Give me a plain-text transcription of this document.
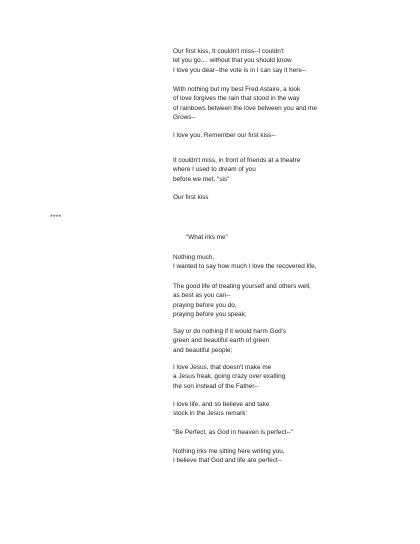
Our first kiss, It couldn't miss--I couldn't
let you go.... without that you should know
I love you dear--the vote is in I can say it here--
With nothing but my best Fred Astaire, a look
of love forgives the rain that stood in the way
of rainbows between the love between you and me
Grows--
I love you, Remember our first kiss--
It couldn't miss, in front of friends at a theatre
where I used to dream of you
before we met, "sis"
Our first kiss
****
"What irks me"
Nothing much,
I wanted to say how much I love the recovered life,
The good life of treating yourself and others well,
as best as you can--
praying before you do,
praying before you speak;
Say or do nothing if it would harm God's
green and beautiful earth of green
and beautiful people;
I love Jesus, that doesn't make me
a Jesus freak, going crazy over exalting
the son instead of the Father--
I love life, and so believe and take
stock in the Jesus remark:
"Be Perfect, as God in heaven is perfect--"
Nothing irks me sitting here writing you,
I believe that God and life are perfect--
